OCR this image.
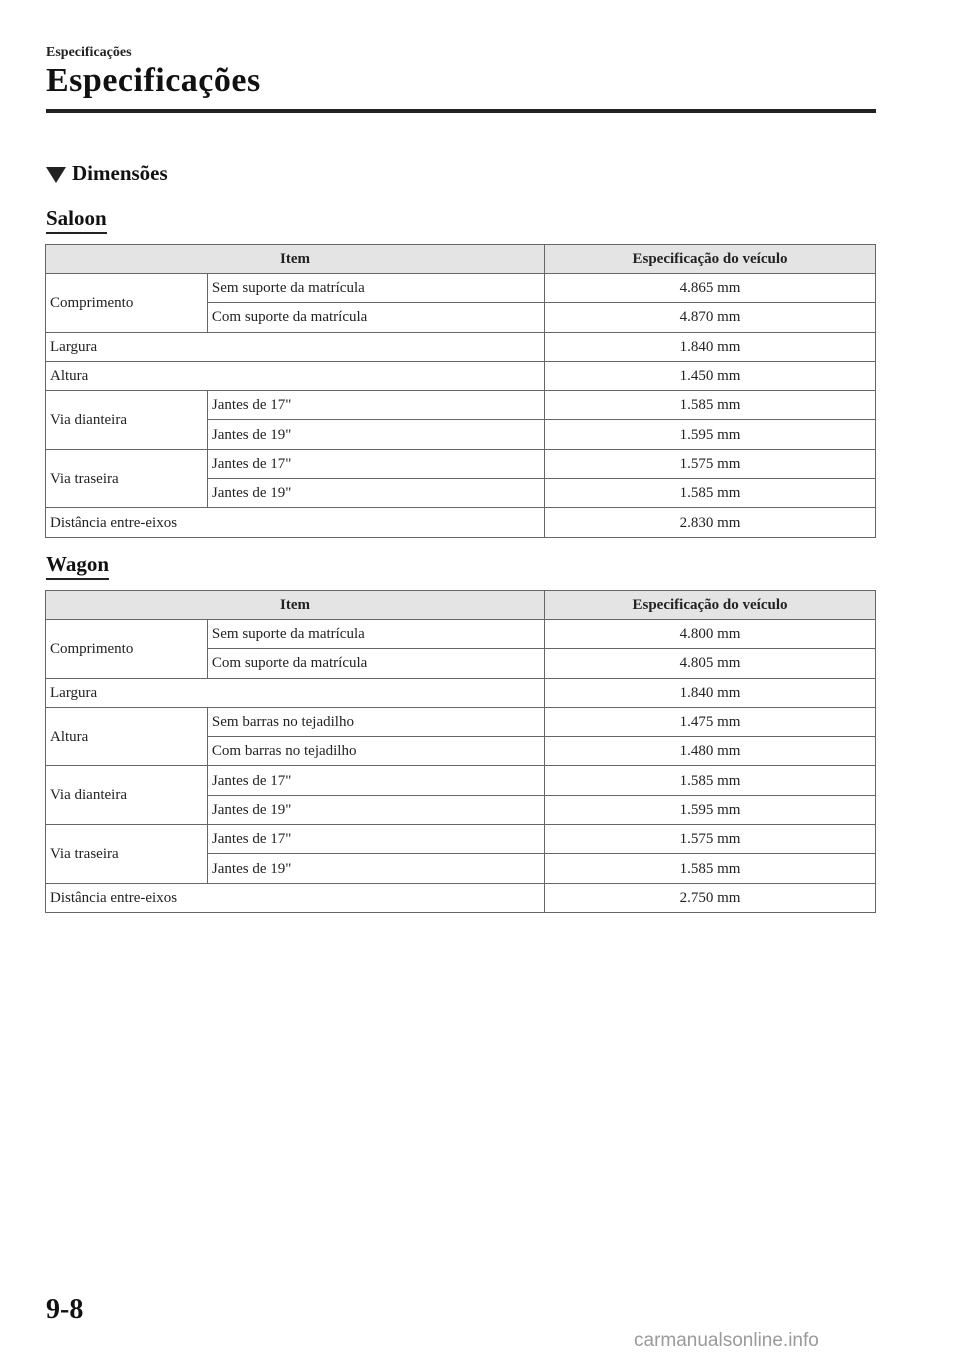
Especificações
Especificações
Dimensões
Saloon
Item		Especificação do veículo
Comprimento	Sem suporte da matrícula	4.865 mm
	Com suporte da matrícula	4.870 mm
Largura		1.840 mm
Altura		1.450 mm
Via dianteira	Jantes de 17"	1.585 mm
	Jantes de 19"	1.595 mm
Via traseira	Jantes de 17"	1.575 mm
	Jantes de 19"	1.585 mm
Distância entre-eixos		2.830 mm
Wagon
Item		Especificação do veículo
Comprimento	Sem suporte da matrícula	4.800 mm
	Com suporte da matrícula	4.805 mm
Largura		1.840 mm
Altura	Sem barras no tejadilho	1.475 mm
	Com barras no tejadilho	1.480 mm
Via dianteira	Jantes de 17"	1.585 mm
	Jantes de 19"	1.595 mm
Via traseira	Jantes de 17"	1.575 mm
	Jantes de 19"	1.585 mm
Distância entre-eixos		2.750 mm
9-8
carmanualsonline.info
